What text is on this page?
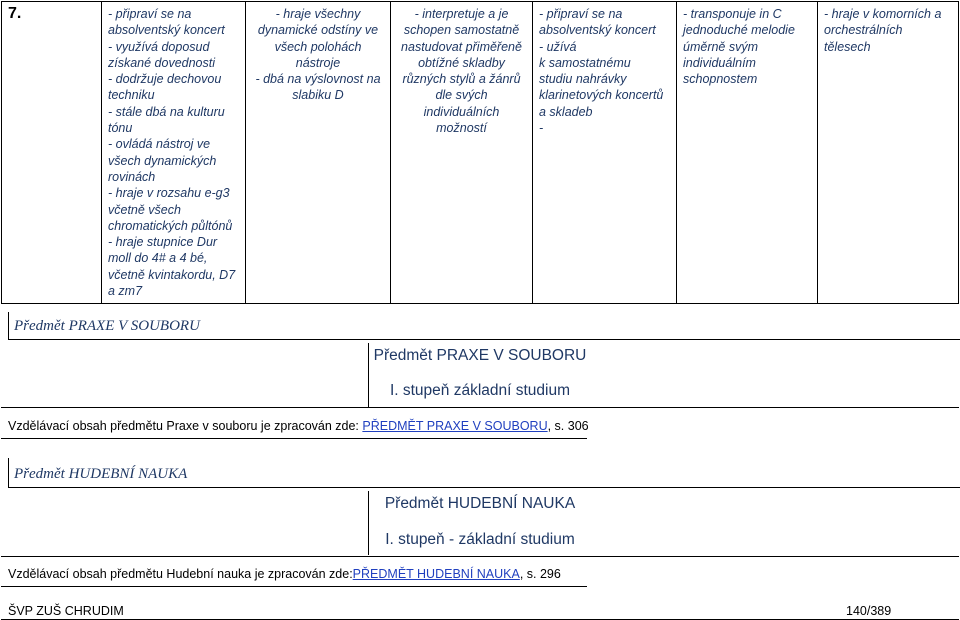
7.	- připraví se na
absolventský koncert
- využívá doposud
získané dovednosti
- dodržuje dechovou
techniku
- stále dbá na kulturu
tónu
- ovládá nástroj ve
všech dynamických
rovinách
- hraje v rozsahu e-g3
včetně všech
chromatických půltónů
- hraje stupnice Dur
moll do 4# a 4 bé,
včetně kvintakordu, D7
a zm7	- hraje všechny
dynamické odstíny ve
všech polohách
nástroje
- dbá na výslovnost na
slabiku D	- interpretuje a je
schopen samostatně
nastudovat přiměřeně
obtížné skladby
různých stylů a žánrů
dle svých
individuálních
možností	- připraví se na
absolventský koncert
- užívá
k samostatnému
studiu nahrávky
klarinetových koncertů
a skladeb
-	- transponuje in C
jednoduché melodie
úměrně svým
individuálním
schopnostem	- hraje v komorních a
orchestrálních tělesech
Předmět PRAXE V SOUBORU
Předmět PRAXE V SOUBORU
I. stupeň základní studium
Vzdělávací obsah předmětu Praxe v souboru je zpracován zde: PŘEDMĚT PRAXE V SOUBORU, s. 306
Předmět HUDEBNÍ NAUKA
Předmět HUDEBNÍ NAUKA
I. stupeň - základní studium
Vzdělávací obsah předmětu Hudební nauka je zpracován zde:PŘEDMĚT HUDEBNÍ NAUKA, s. 296
ŠVP ZUŠ CHRUDIM	140/389
